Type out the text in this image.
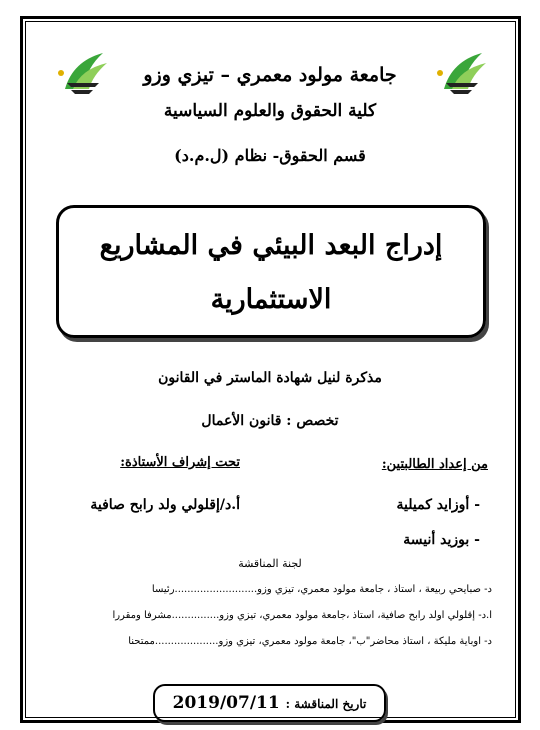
جامعة مولود معمري – تيزي وزو
كلية الحقوق والعلوم السياسية
قسم الحقوق- نظام (ل.م.د)
إدراج البعد البيئي في المشاريع
الاستثمارية
مذكرة لنيل شهادة الماستر في القانون
تخصص : قانون الأعمال
من إعداد الطالبتين:
تحت إشراف الأستاذة:
- أوزايد كميلية
- بوزيد أنيسة
أ.د/إقلولي ولد رابح صافية
لجنة المناقشة
د- صبايحي ربيعة ، أستاذ ، جامعة مولود معمري، تيزي وزو..........................رئيسا
أ.د- إقلولي اولد رابح صافية، أستاذ ،جامعة مولود معمري، تيزي وزو...............مشرفا ومقررا
د- اوباية مليكة ، أستاذ محاضر"ب"، جامعة مولود معمري، تيزي وزو....................ممتحنا
تاريخ المناقشة : 2019/07/11
